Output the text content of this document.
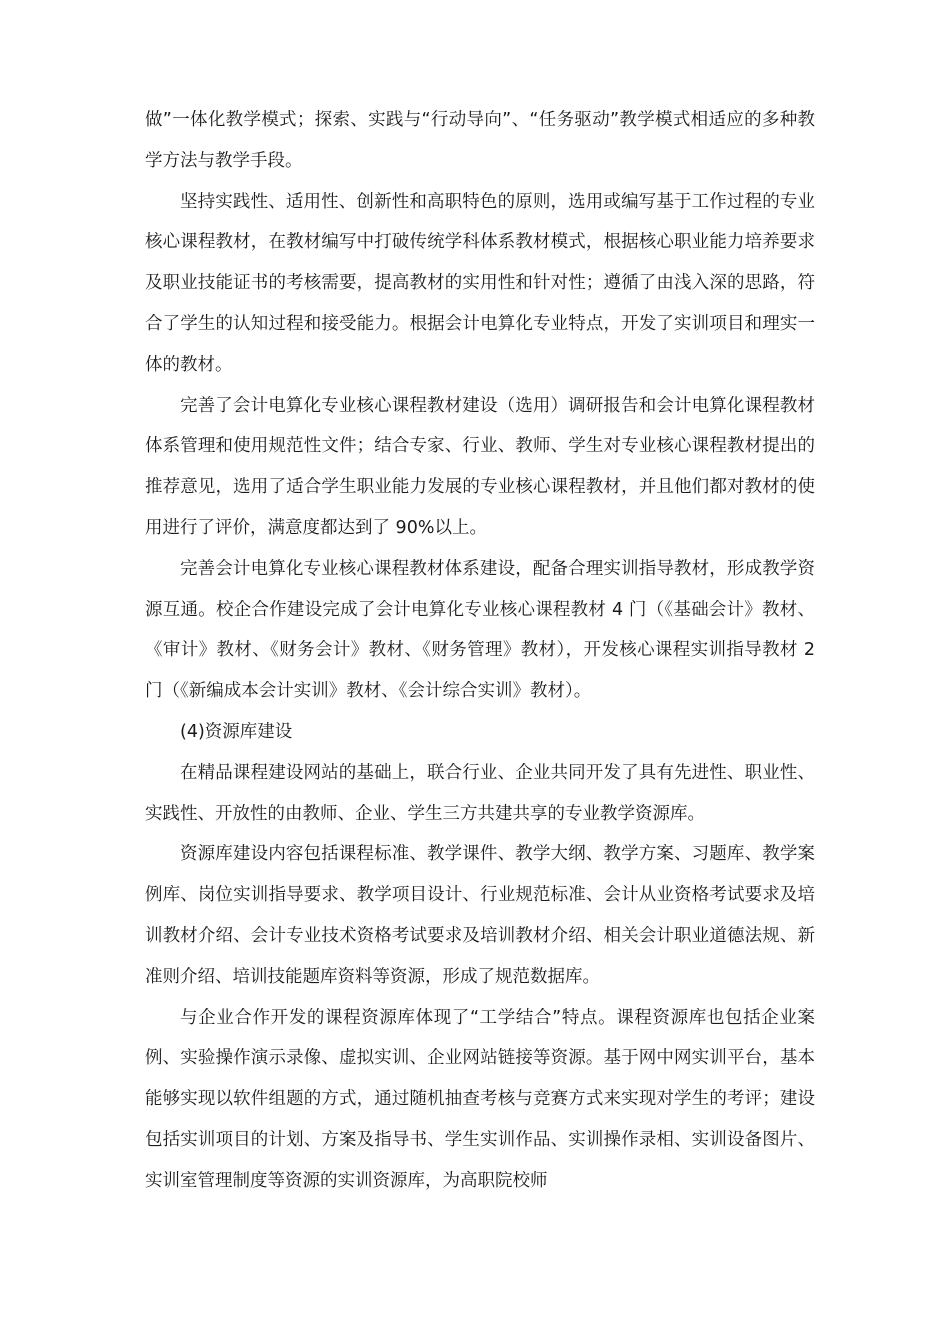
做”一体化教学模式；探索、实践与“行动导向”、“任务驱动”教学模式相适应的多种教学方法与教学手段。

坚持实践性、适用性、创新性和高职特色的原则，选用或编写基于工作过程的专业核心课程教材，在教材编写中打破传统学科体系教材模式，根据核心职业能力培养要求及职业技能证书的考核需要，提高教材的实用性和针对性；遵循了由浅入深的思路，符合了学生的认知过程和接受能力。根据会计电算化专业特点，开发了实训项目和理实一体的教材。

完善了会计电算化专业核心课程教材建设（选用）调研报告和会计电算化课程教材体系管理和使用规范性文件；结合专家、行业、教师、学生对专业核心课程教材提出的推荐意见，选用了适合学生职业能力发展的专业核心课程教材，并且他们都对教材的使用进行了评价，满意度都达到了 90%以上。

完善会计电算化专业核心课程教材体系建设，配备合理实训指导教材，形成教学资源互通。校企合作建设完成了会计电算化专业核心课程教材 4 门（《基础会计》教材、《审计》教材、《财务会计》教材、《财务管理》教材），开发核心课程实训指导教材 2 门（《新编成本会计实训》教材、《会计综合实训》教材）。

(4)资源库建设

在精品课程建设网站的基础上，联合行业、企业共同开发了具有先进性、职业性、实践性、开放性的由教师、企业、学生三方共建共享的专业教学资源库。

资源库建设内容包括课程标准、教学课件、教学大纲、教学方案、习题库、教学案例库、岗位实训指导要求、教学项目设计、行业规范标准、会计从业资格考试要求及培训教材介绍、会计专业技术资格考试要求及培训教材介绍、相关会计职业道德法规、新准则介绍、培训技能题库资料等资源，形成了规范数据库。

与企业合作开发的课程资源库体现了“工学结合”特点。课程资源库也包括企业案例、实验操作演示录像、虚拟实训、企业网站链接等资源。基于网中网实训平台，基本能够实现以软件组题的方式，通过随机抽查考核与竞赛方式来实现对学生的考评；建设包括实训项目的计划、方案及指导书、学生实训作品、实训操作录相、实训设备图片、实训室管理制度等资源的实训资源库，为高职院校师
